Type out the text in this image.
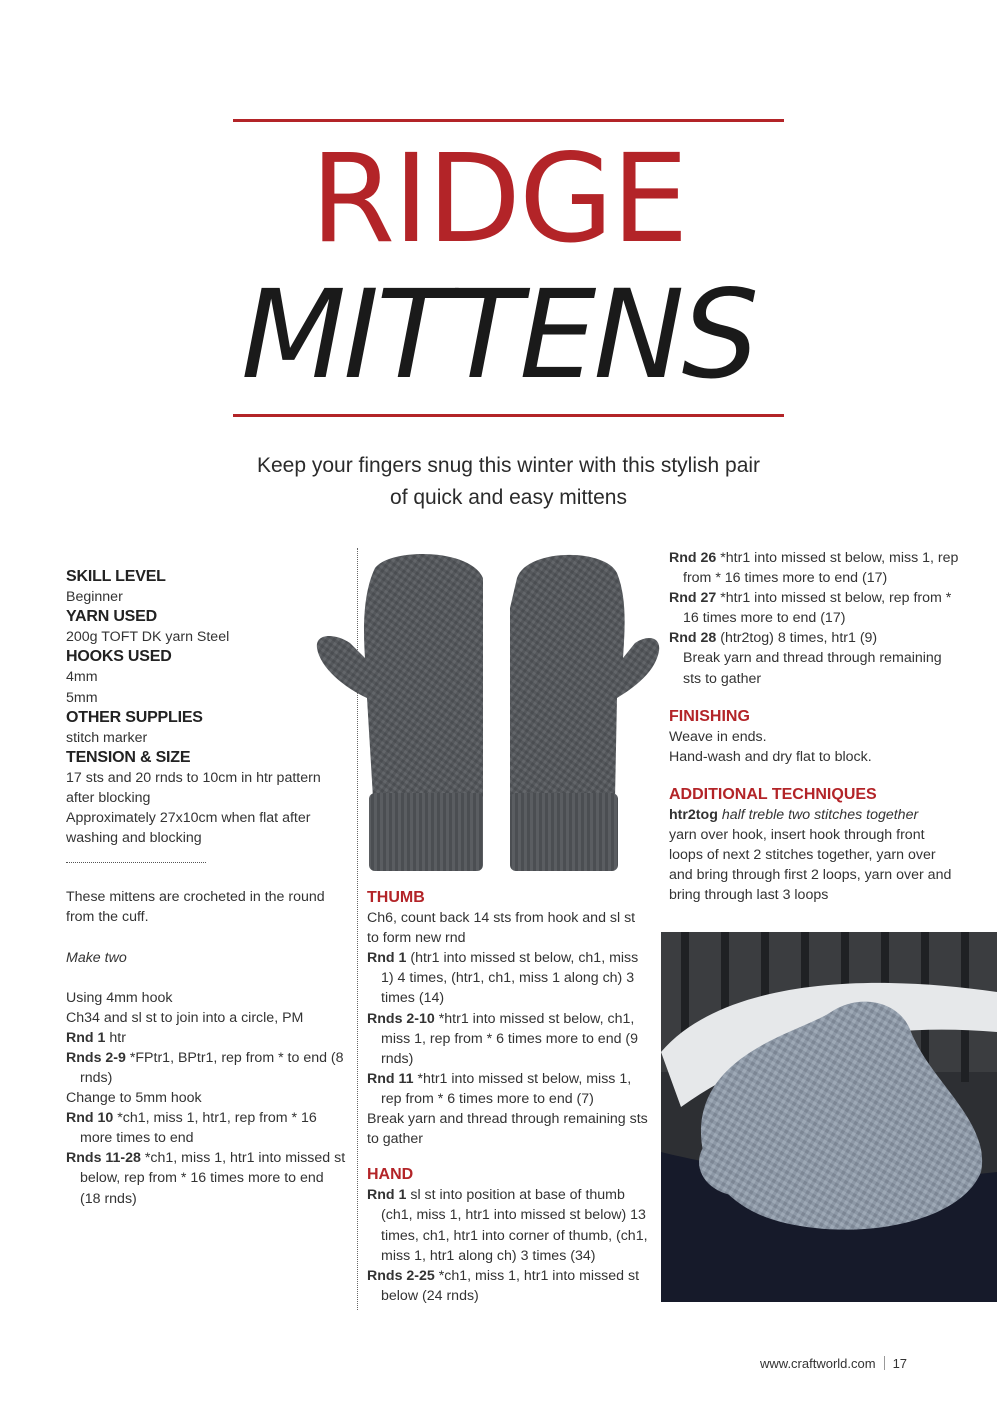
RIDGE
MITTENS
Keep your fingers snug this winter with this stylish pair
of quick and easy mittens

SKILL LEVEL

Beginner

YARN USED

200g TOFT DK yarn Steel

HOOKS USED

4mm

5mm

OTHER SUPPLIES

stitch marker

TENSION & SIZE

17 sts and 20 rnds to 10cm in htr pattern after blocking

Approximately 27x10cm when flat after washing and blocking

These mittens are crocheted in the round from the cuff.

Make two

Using 4mm hook

Ch34 and sl st to join into a circle, PM

Rnd 1 htr

Rnds 2-9 *FPtr1, BPtr1, rep from * to end (8 rnds)

Change to 5mm hook

Rnd 10 *ch1, miss 1, htr1, rep from * 16 more times to end

Rnds 11-28 *ch1, miss 1, htr1 into missed st below, rep from * 16 times more to end (18 rnds)

THUMB

Ch6, count back 14 sts from hook and sl st to form new rnd

Rnd 1 (htr1 into missed st below, ch1, miss 1) 4 times, (htr1, ch1, miss 1 along ch) 3 times (14)

Rnds 2-10 *htr1 into missed st below, ch1, miss 1, rep from * 6 times more to end (9 rnds)

Rnd 11 *htr1 into missed st below, miss 1, rep from * 6 times more to end (7)

Break yarn and thread through remaining sts to gather

HAND

Rnd 1 sl st into position at base of thumb (ch1, miss 1, htr1 into missed st below) 13 times, ch1, htr1 into corner of thumb, (ch1, miss 1, htr1 along ch) 3 times (34)

Rnds 2-25 *ch1, miss 1, htr1 into missed st below (24 rnds)

Rnd 26 *htr1 into missed st below, miss 1, rep from * 16 times more to end (17)

Rnd 27 *htr1 into missed st below, rep from * 16 times more to end (17)

Rnd 28 (htr2tog) 8 times, htr1 (9)

Break yarn and thread through remaining sts to gather

FINISHING

Weave in ends.

Hand-wash and dry flat to block.

ADDITIONAL TECHNIQUES

htr2tog half treble two stitches together

yarn over hook, insert hook through front loops of next 2 stitches together, yarn over and bring through first 2 loops, yarn over and bring through last 3 loops

www.craftworld.com 17
